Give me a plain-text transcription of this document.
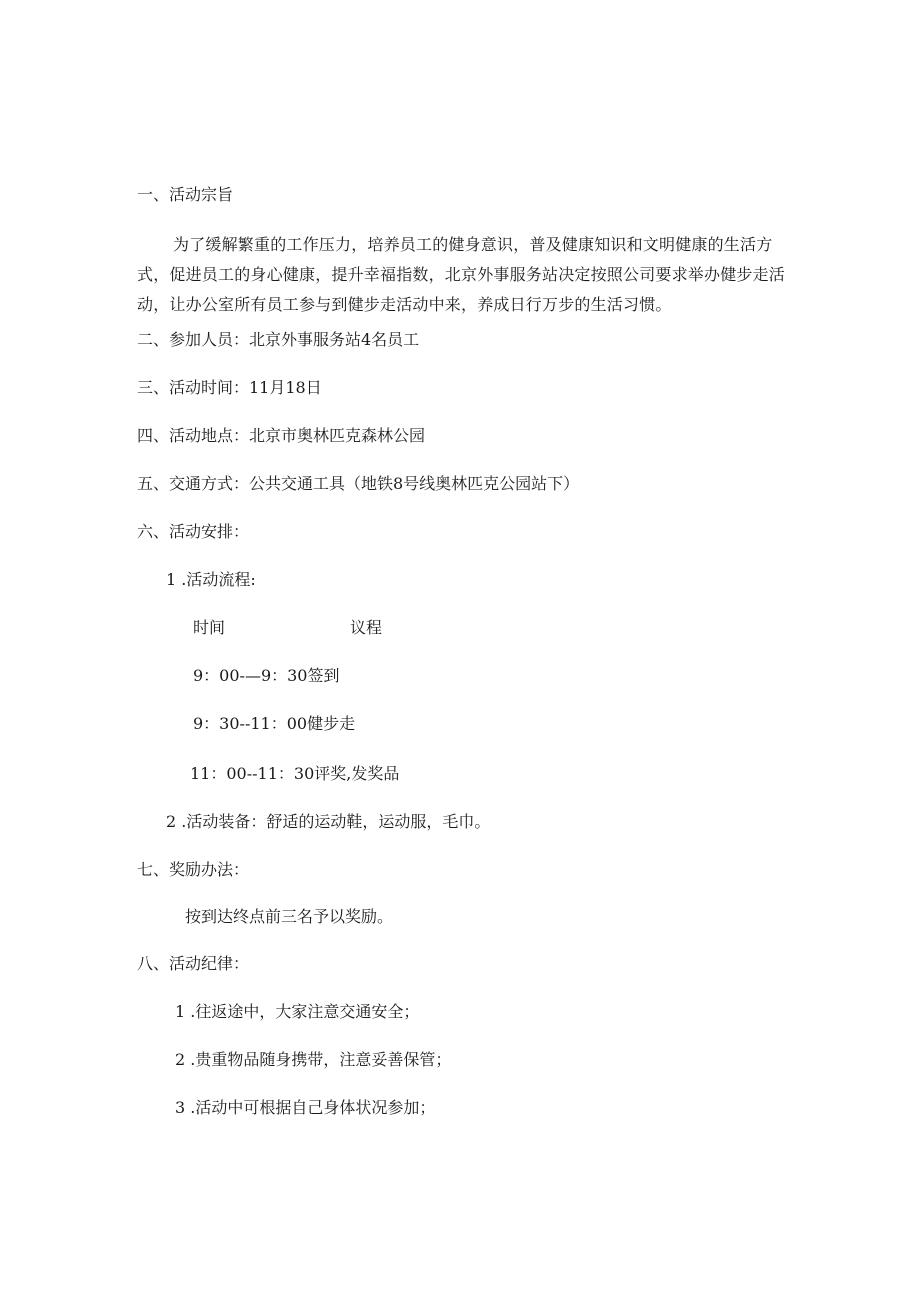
一、活动宗旨

为了缓解繁重的工作压力，培养员工的健身意识，普及健康知识和文明健康的生活方式，促进员工的身心健康，提升幸福指数，北京外事服务站决定按照公司要求举办健步走活动，让办公室所有员工参与到健步走活动中来，养成日行万步的生活习惯。

二、参加人员：北京外事服务站4名员工

三、活动时间：11月18日

四、活动地点：北京市奥林匹克森林公园

五、交通方式：公共交通工具（地铁8号线奥林匹克公园站下）

六、活动安排：

1 .活动流程:

时间	议程
9：00-—9：30签到
9：30--11：00健步走
11：00--11：30评奖,发奖品

2 .活动装备：舒适的运动鞋，运动服，毛巾。

七、奖励办法：

按到达终点前三名予以奖励。

八、活动纪律：

1 .往返途中，大家注意交通安全；

2 .贵重物品随身携带，注意妥善保管；

3 .活动中可根据自己身体状况参加；
